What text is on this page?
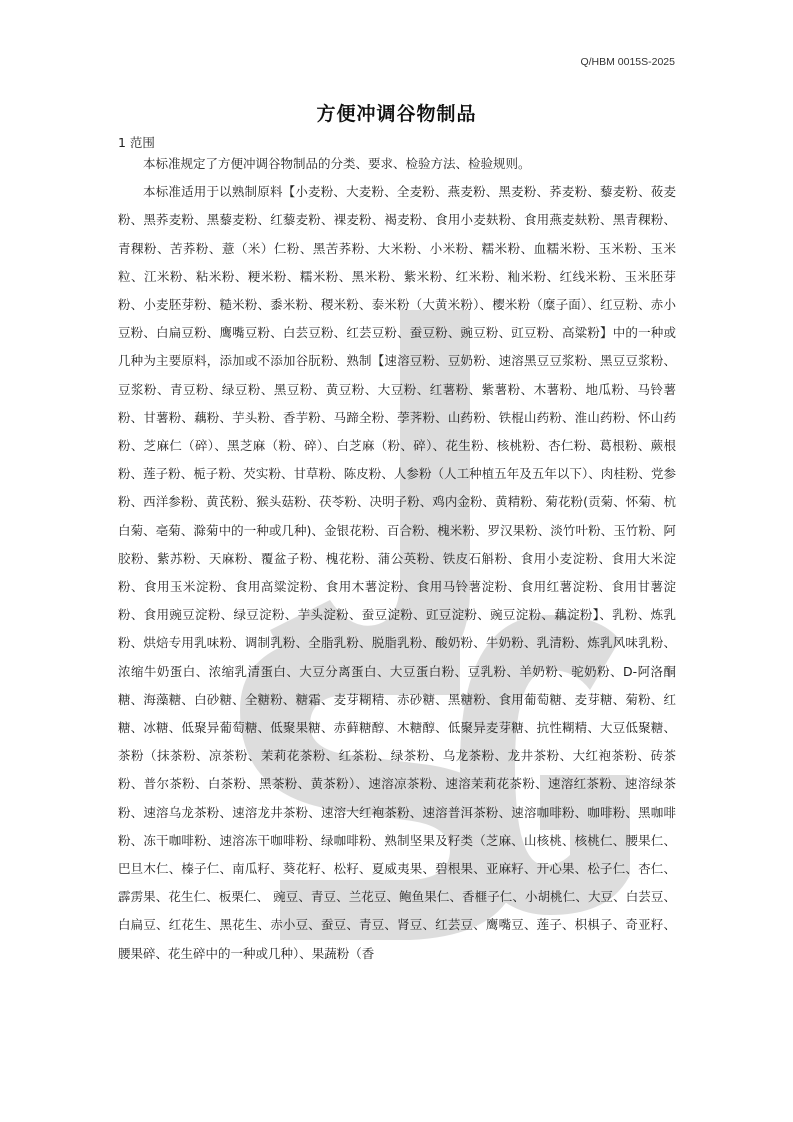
Q/HBM 0015S-2025
方便冲调谷物制品
1 范围

本标准规定了方便冲调谷物制品的分类、要求、检验方法、检验规则。

本标准适用于以熟制原料【小麦粉、大麦粉、全麦粉、燕麦粉、黑麦粉、荞麦粉、藜麦粉、莜麦粉、黑荞麦粉、黑藜麦粉、红藜麦粉、裸麦粉、褐麦粉、食用小麦麸粉、食用燕麦麸粉、黑青稞粉、青稞粉、苦荞粉、薏（米）仁粉、黑苦荞粉、大米粉、小米粉、糯米粉、血糯米粉、玉米粉、玉米粒、江米粉、粘米粉、粳米粉、糯米粉、黑米粉、紫米粉、红米粉、籼米粉、红线米粉、玉米胚芽粉、小麦胚芽粉、糙米粉、黍米粉、稷米粉、泰米粉（大黄米粉）、樱米粉（糜子面）、红豆粉、赤小豆粉、白扁豆粉、鹰嘴豆粉、白芸豆粉、红芸豆粉、蚕豆粉、豌豆粉、豇豆粉、高粱粉】中的一种或几种为主要原料，添加或不添加谷朊粉、熟制【速溶豆粉、豆奶粉、速溶黑豆豆浆粉、黑豆豆浆粉、豆浆粉、青豆粉、绿豆粉、黑豆粉、黄豆粉、大豆粉、红薯粉、紫薯粉、木薯粉、地瓜粉、马铃薯粉、甘薯粉、藕粉、芋头粉、香芋粉、马蹄全粉、荸荠粉、山药粉、铁棍山药粉、淮山药粉、怀山药粉、芝麻仁（碎）、黑芝麻（粉、碎）、白芝麻（粉、碎）、花生粉、核桃粉、杏仁粉、葛根粉、蕨根粉、莲子粉、栀子粉、芡实粉、甘草粉、陈皮粉、人参粉（人工种植五年及五年以下）、肉桂粉、党参粉、西洋参粉、黄芪粉、猴头菇粉、茯苓粉、决明子粉、鸡内金粉、黄精粉、菊花粉(贡菊、怀菊、杭白菊、亳菊、滁菊中的一种或几种)、金银花粉、百合粉、槐米粉、罗汉果粉、淡竹叶粉、玉竹粉、阿胶粉、紫苏粉、天麻粉、覆盆子粉、槐花粉、蒲公英粉、铁皮石斛粉、食用小麦淀粉、食用大米淀粉、食用玉米淀粉、食用高粱淀粉、食用木薯淀粉、食用马铃薯淀粉、食用红薯淀粉、食用甘薯淀粉、食用豌豆淀粉、绿豆淀粉、芋头淀粉、蚕豆淀粉、豇豆淀粉、豌豆淀粉、藕淀粉】、乳粉、炼乳粉、烘焙专用乳味粉、调制乳粉、全脂乳粉、脱脂乳粉、酸奶粉、牛奶粉、乳清粉、炼乳风味乳粉、浓缩牛奶蛋白、浓缩乳清蛋白、大豆分离蛋白、大豆蛋白粉、豆乳粉、羊奶粉、驼奶粉、D-阿洛酮糖、海藻糖、白砂糖、全糖粉、糖霜、麦芽糊精、赤砂糖、黑糖粉、食用葡萄糖、麦芽糖、菊粉、红糖、冰糖、低聚异葡萄糖、低聚果糖、赤藓糖醇、木糖醇、低聚异麦芽糖、抗性糊精、大豆低聚糖、茶粉（抹茶粉、凉茶粉、茉莉花茶粉、红茶粉、绿茶粉、乌龙茶粉、龙井茶粉、大红袍茶粉、砖茶粉、普尔茶粉、白茶粉、黑茶粉、黄茶粉）、速溶凉茶粉、速溶茉莉花茶粉、速溶红茶粉、速溶绿茶粉、速溶乌龙茶粉、速溶龙井茶粉、速溶大红袍茶粉、速溶普洱茶粉、速溶咖啡粉、咖啡粉、黑咖啡粉、冻干咖啡粉、速溶冻干咖啡粉、绿咖啡粉、熟制坚果及籽类（芝麻、山核桃、核桃仁、腰果仁、巴旦木仁、榛子仁、南瓜籽、葵花籽、松籽、夏威夷果、碧根果、亚麻籽、开心果、松子仁、杏仁、霹雳果、花生仁、板栗仁、 豌豆、青豆、兰花豆、鲍鱼果仁、香榧子仁、小胡桃仁、大豆、白芸豆、白扁豆、红花生、黑花生、赤小豆、蚕豆、青豆、肾豆、红芸豆、鹰嘴豆、莲子、枳椇子、奇亚籽、腰果碎、花生碎中的一种或几种）、果蔬粉（香
